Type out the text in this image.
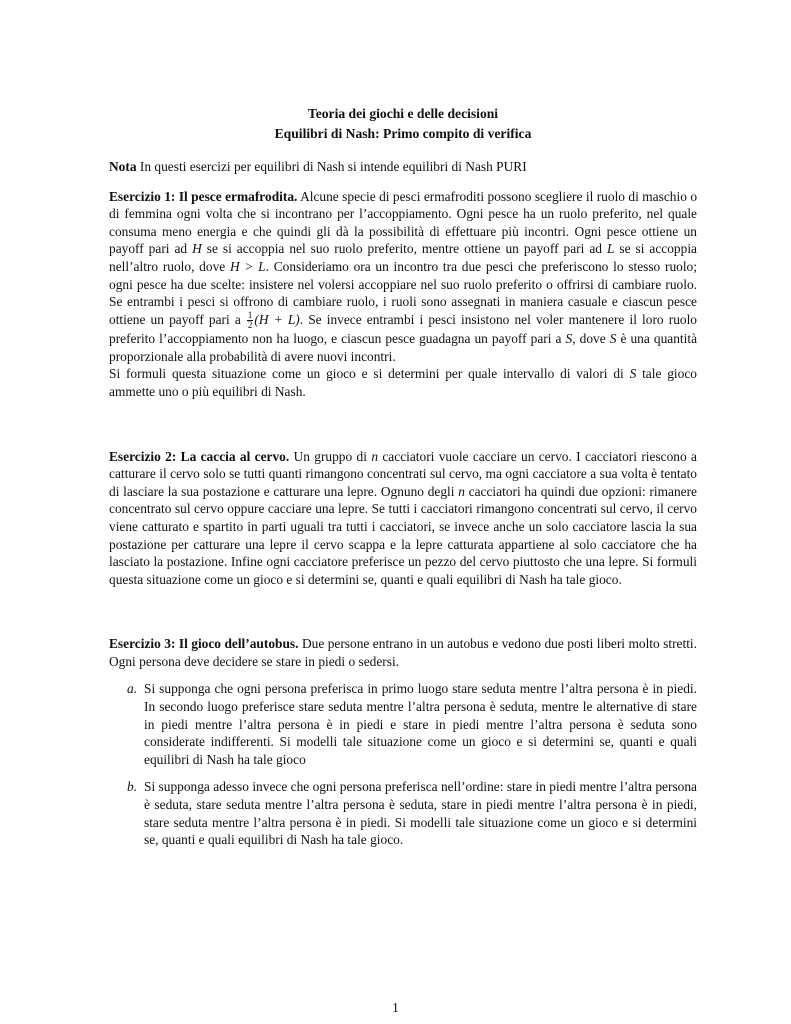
Teoria dei giochi e delle decisioni
Equilibri di Nash: Primo compito di verifica

Nota In questi esercizi per equilibri di Nash si intende equilibri di Nash PURI

Esercizio 1: Il pesce ermafrodita. Alcune specie di pesci ermafroditi possono scegliere il ruolo di maschio o di femmina ogni volta che si incontrano per l’accoppiamento. Ogni pesce ha un ruolo preferito, nel quale consuma meno energia e che quindi gli dà la possibilità di effettuare più incontri. Ogni pesce ottiene un payoff pari ad H se si accoppia nel suo ruolo preferito, mentre ottiene un payoff pari ad L se si accoppia nell’altro ruolo, dove H > L. Consideriamo ora un incontro tra due pesci che preferiscono lo stesso ruolo; ogni pesce ha due scelte: insistere nel volersi accoppiare nel suo ruolo preferito o offrirsi di cambiare ruolo. Se entrambi i pesci si offrono di cambiare ruolo, i ruoli sono assegnati in maniera casuale e ciascun pesce ottiene un payoff pari a $\frac{1}{2} (H + L)$. Se invece entrambi i pesci insistono nel voler mantenere il loro ruolo preferito l’accoppiamento non ha luogo, e ciascun pesce guadagna un payoff pari a S, dove S è una quantità proporzionale alla probabilità di avere nuovi incontri.
Si formuli questa situazione come un gioco e si determini per quale intervallo di valori di S tale gioco ammette uno o più equilibri di Nash.

Esercizio 2: La caccia al cervo. Un gruppo di n cacciatori vuole cacciare un cervo. I cacciatori riescono a catturare il cervo solo se tutti quanti rimangono concentrati sul cervo, ma ogni cacciatore a sua volta è tentato di lasciare la sua postazione e catturare una lepre. Ognuno degli n cacciatori ha quindi due opzioni: rimanere concentrato sul cervo oppure cacciare una lepre. Se tutti i cacciatori rimangono concentrati sul cervo, il cervo viene catturato e spartito in parti uguali tra tutti i cacciatori, se invece anche un solo cacciatore lascia la sua postazione per catturare una lepre il cervo scappa e la lepre catturata appartiene al solo cacciatore che ha lasciato la postazione. Infine ogni cacciatore preferisce un pezzo del cervo piuttosto che una lepre. Si formuli questa situazione come un gioco e si determini se, quanti e quali equilibri di Nash ha tale gioco.

Esercizio 3: Il gioco dell’autobus. Due persone entrano in un autobus e vedono due posti liberi molto stretti. Ogni persona deve decidere se stare in piedi o sedersi.

a. Si supponga che ogni persona preferisca in primo luogo stare seduta mentre l’altra persona è in piedi. In secondo luogo preferisce stare seduta mentre l’altra persona è seduta, mentre le alternative di stare in piedi mentre l’altra persona è in piedi e stare in piedi mentre l’altra persona è seduta sono considerate indifferenti. Si modelli tale situazione come un gioco e si determini se, quanti e quali equilibri di Nash ha tale gioco
b. Si supponga adesso invece che ogni persona preferisca nell’ordine: stare in piedi mentre l’altra persona è seduta, stare seduta mentre l’altra persona è seduta, stare in piedi mentre l’altra persona è in piedi, stare seduta mentre l’altra persona è in piedi. Si modelli tale situazione come un gioco e si determini se, quanti e quali equilibri di Nash ha tale gioco.
1
